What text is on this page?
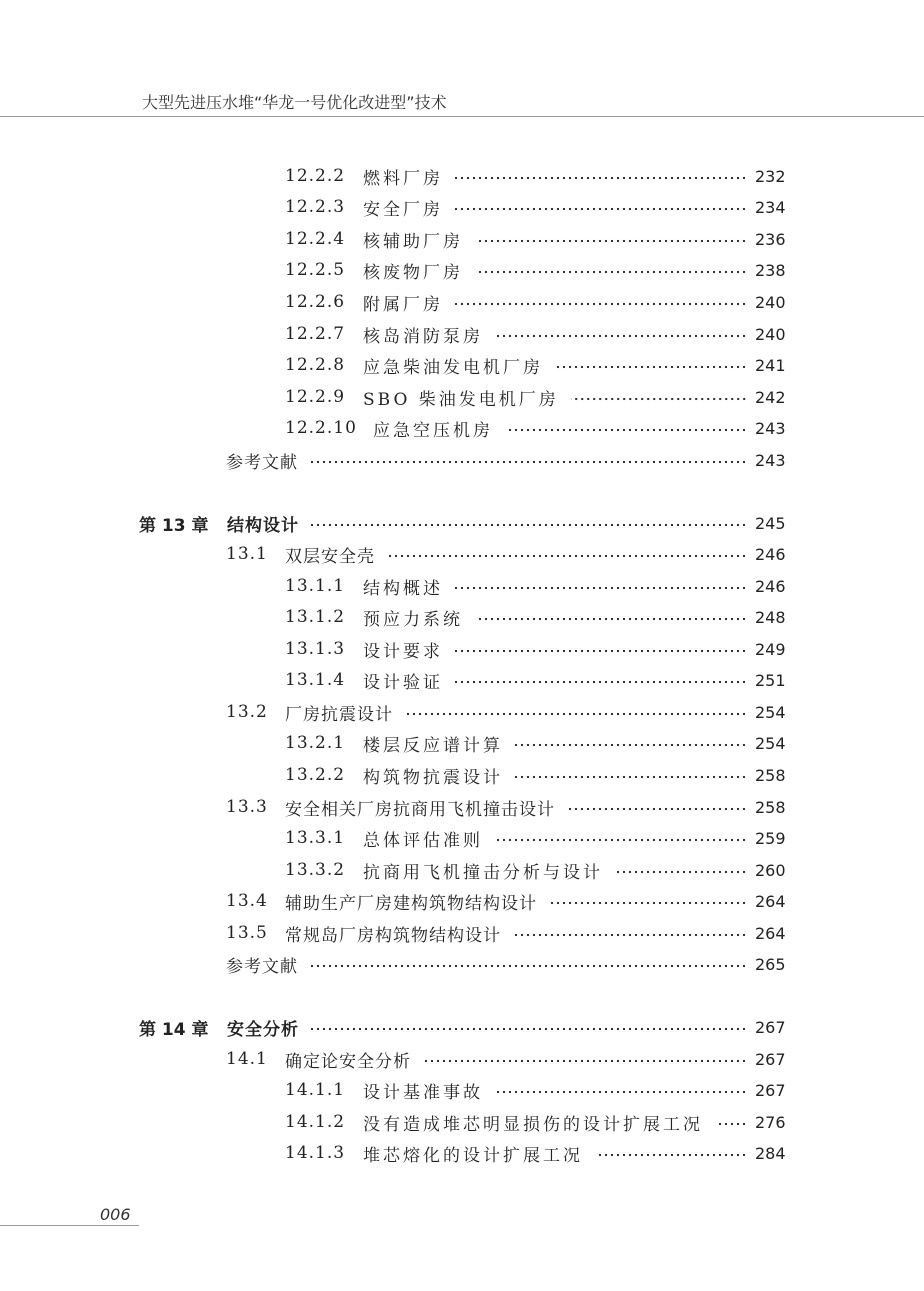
大型先进压水堆“华龙一号优化改进型”技术
12.2.2	燃料厂房	232
12.2.3	安全厂房	234
12.2.4	核辅助厂房	236
12.2.5	核废物厂房	238
12.2.6	附属厂房	240
12.2.7	核岛消防泵房	240
12.2.8	应急柴油发电机厂房	241
12.2.9	SBO 柴油发电机厂房	242
12.2.10 应急空压机房	243
参考文献	243
第 13 章	结构设计	245
13.1	双层安全壳	246
13.1.1	结构概述	246
13.1.2	预应力系统	248
13.1.3	设计要求	249
13.1.4	设计验证	251
13.2	厂房抗震设计	254
13.2.1	楼层反应谱计算	254
13.2.2	构筑物抗震设计	258
13.3	安全相关厂房抗商用飞机撞击设计	258
13.3.1	总体评估准则	259
13.3.2	抗商用飞机撞击分析与设计	260
13.4	辅助生产厂房建构筑物结构设计	264
13.5	常规岛厂房构筑物结构设计	264
参考文献	265
第 14 章	安全分析	267
14.1	确定论安全分析	267
14.1.1	设计基准事故	267
14.1.2	没有造成堆芯明显损伤的设计扩展工况	276
14.1.3	堆芯熔化的设计扩展工况	284
006
